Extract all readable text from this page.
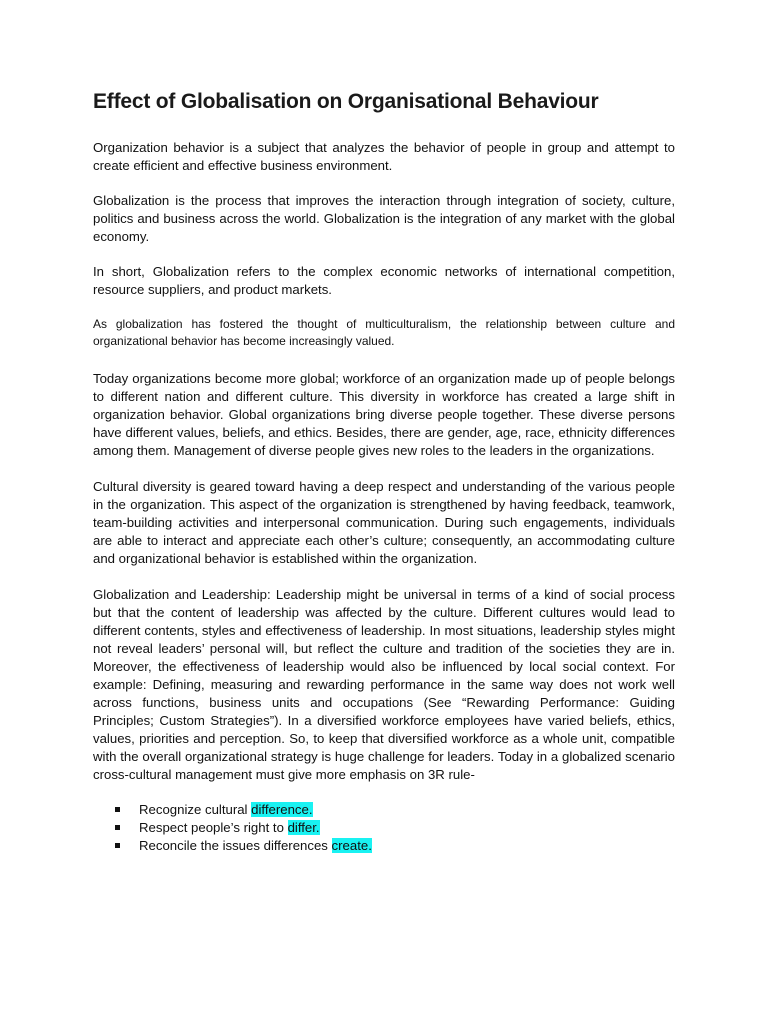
Effect of Globalisation on Organisational Behaviour

Organization behavior is a subject that analyzes the behavior of people in group and attempt to create efficient and effective business environment.

Globalization is the process that improves the interaction through integration of society, culture, politics and business across the world. Globalization is the integration of any market with the global economy.

In short, Globalization refers to the complex economic networks of international competition, resource suppliers, and product markets.

As globalization has fostered the thought of multiculturalism, the relationship between culture and organizational behavior has become increasingly valued.

Today organizations become more global; workforce of an organization made up of people belongs to different nation and different culture. This diversity in workforce has created a large shift in organization behavior. Global organizations bring diverse people together. These diverse persons have different values, beliefs, and ethics. Besides, there are gender, age, race, ethnicity differences among them. Management of diverse people gives new roles to the leaders in the organizations.

Cultural diversity is geared toward having a deep respect and understanding of the various people in the organization. This aspect of the organization is strengthened by having feedback, teamwork, team-building activities and interpersonal communication. During such engagements, individuals are able to interact and appreciate each other’s culture; consequently, an accommodating culture and organizational behavior is established within the organization.

Globalization and Leadership: Leadership might be universal in terms of a kind of social process but that the content of leadership was affected by the culture. Different cultures would lead to different contents, styles and effectiveness of leadership. In most situations, leadership styles might not reveal leaders’ personal will, but reflect the culture and tradition of the societies they are in. Moreover, the effectiveness of leadership would also be influenced by local social context. For example: Defining, measuring and rewarding performance in the same way does not work well across functions, business units and occupations (See “Rewarding Performance: Guiding Principles; Custom Strategies”). In a diversified workforce employees have varied beliefs, ethics, values, priorities and perception. So, to keep that diversified workforce as a whole unit, compatible with the overall organizational strategy is huge challenge for leaders. Today in a globalized scenario cross-cultural management must give more emphasis on 3R rule-

Recognize cultural difference.
Respect people’s right to differ.
Reconcile the issues differences create.
